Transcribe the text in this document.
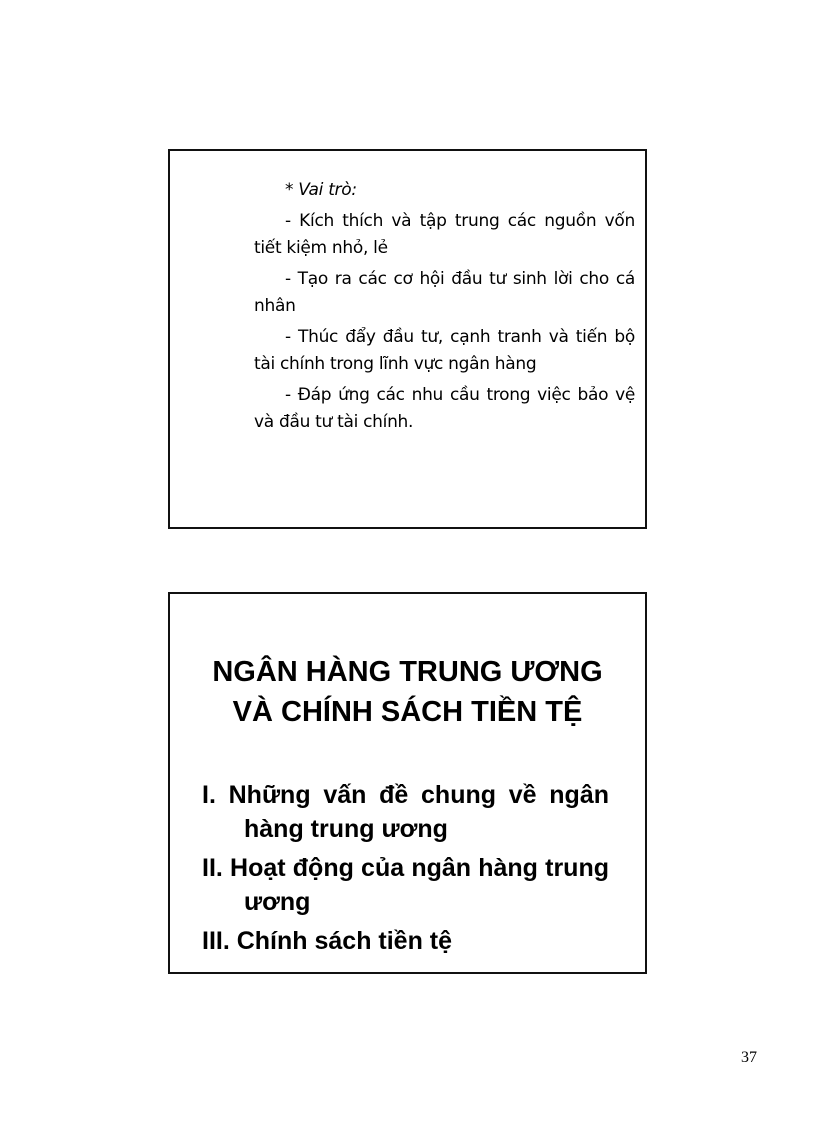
* Vai trò:

- Kích thích và tập trung các nguồn vốn tiết kiệm nhỏ, lẻ

- Tạo ra các cơ hội đầu tư sinh lời cho cá nhân

- Thúc đẩy đầu tư, cạnh tranh và tiến bộ tài chính trong lĩnh vực ngân hàng

- Đáp ứng các nhu cầu trong việc bảo vệ và đầu tư tài chính.

NGÂN HÀNG TRUNG ƯƠNG
VÀ CHÍNH SÁCH TIỀN TỆ
I. Những vấn đề chung về ngân hàng trung ương
II. Hoạt động của ngân hàng trung ương
III. Chính sách tiền tệ
37
